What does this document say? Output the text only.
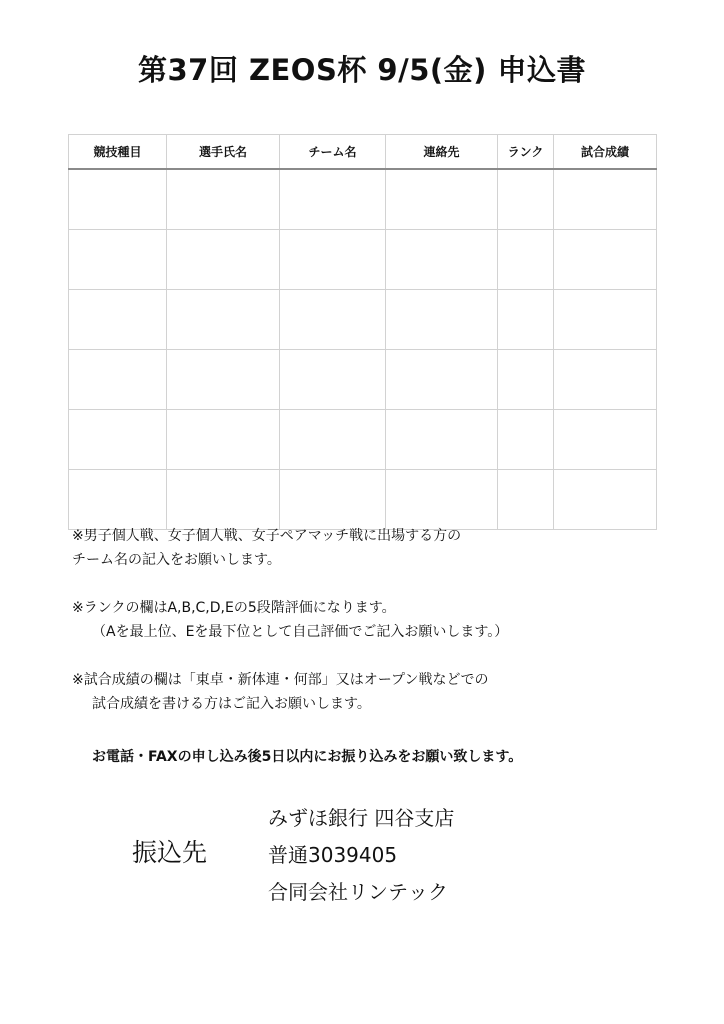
第37回 ZEOS杯 9/5(金) 申込書
競技種目	選手氏名	チーム名	連絡先	ランク	試合成績

※男子個人戦、女子個人戦、女子ペアマッチ戦に出場する方の

チーム名の記入をお願いします。

※ランクの欄はA,B,C,D,Eの5段階評価になります。

（Aを最上位、Eを最下位として自己評価でご記入お願いします。）

※試合成績の欄は「東卓・新体連・何部」又はオープン戦などでの

試合成績を書ける方はご記入お願いします。

お電話・FAXの申し込み後5日以内にお振り込みをお願い致します。
振込先
みずほ銀行 四谷支店
普通3039405
合同会社リンテック
